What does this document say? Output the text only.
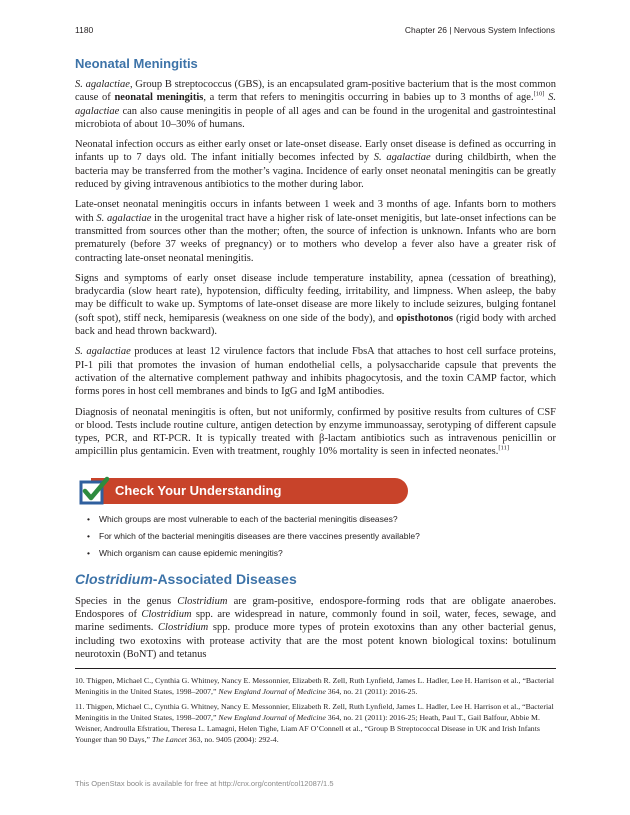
1180	Chapter 26 | Nervous System Infections
Neonatal Meningitis

S. agalactiae, Group B streptococcus (GBS), is an encapsulated gram-positive bacterium that is the most common cause of neonatal meningitis, a term that refers to meningitis occurring in babies up to 3 months of age.[10] S. agalactiae can also cause meningitis in people of all ages and can be found in the urogenital and gastrointestinal microbiota of about 10–30% of humans.

Neonatal infection occurs as either early onset or late-onset disease. Early onset disease is defined as occurring in infants up to 7 days old. The infant initially becomes infected by S. agalactiae during childbirth, when the bacteria may be transferred from the mother’s vagina. Incidence of early onset neonatal meningitis can be greatly reduced by giving intravenous antibiotics to the mother during labor.

Late-onset neonatal meningitis occurs in infants between 1 week and 3 months of age. Infants born to mothers with S. agalactiae in the urogenital tract have a higher risk of late-onset menigitis, but late-onset infections can be transmitted from sources other than the mother; often, the source of infection is unknown. Infants who are born prematurely (before 37 weeks of pregnancy) or to mothers who develop a fever also have a greater risk of contracting late-onset neonatal meningitis.

Signs and symptoms of early onset disease include temperature instability, apnea (cessation of breathing), bradycardia (slow heart rate), hypotension, difficulty feeding, irritability, and limpness. When asleep, the baby may be difficult to wake up. Symptoms of late-onset disease are more likely to include seizures, bulging fontanel (soft spot), stiff neck, hemiparesis (weakness on one side of the body), and opisthotonos (rigid body with arched back and head thrown backward).

S. agalactiae produces at least 12 virulence factors that include FbsA that attaches to host cell surface proteins, PI-1 pili that promotes the invasion of human endothelial cells, a polysaccharide capsule that prevents the activation of the alternative complement pathway and inhibits phagocytosis, and the toxin CAMP factor, which forms pores in host cell membranes and binds to IgG and IgM antibodies.

Diagnosis of neonatal meningitis is often, but not uniformly, confirmed by positive results from cultures of CSF or blood. Tests include routine culture, antigen detection by enzyme immunoassay, serotyping of different capsule types, PCR, and RT-PCR. It is typically treated with β-lactam antibiotics such as intravenous penicillin or ampicillin plus gentamicin. Even with treatment, roughly 10% mortality is seen in infected neonates.[11]

Check Your Understanding
• Which groups are most vulnerable to each of the bacterial meningitis diseases?
• For which of the bacterial meningitis diseases are there vaccines presently available?
• Which organism can cause epidemic meningitis?
Clostridium-Associated Diseases

Species in the genus Clostridium are gram-positive, endospore-forming rods that are obligate anaerobes. Endospores of Clostridium spp. are widespread in nature, commonly found in soil, water, feces, sewage, and marine sediments. Clostridium spp. produce more types of protein exotoxins than any other bacterial genus, including two exotoxins with protease activity that are the most potent known biological toxins: botulinum neurotoxin (BoNT) and tetanus

10. Thigpen, Michael C., Cynthia G. Whitney, Nancy E. Messonnier, Elizabeth R. Zell, Ruth Lynfield, James L. Hadler, Lee H. Harrison et al., “Bacterial Meningitis in the United States, 1998–2007,” New England Journal of Medicine 364, no. 21 (2011): 2016-25.

11. Thigpen, Michael C., Cynthia G. Whitney, Nancy E. Messonnier, Elizabeth R. Zell, Ruth Lynfield, James L. Hadler, Lee H. Harrison et al., “Bacterial Meningitis in the United States, 1998–2007,” New England Journal of Medicine 364, no. 21 (2011): 2016-25; Heath, Paul T., Gail Balfour, Abbie M. Weisner, Androulla Efstratiou, Theresa L. Lamagni, Helen Tighe, Liam AF O’Connell et al., “Group B Streptococcal Disease in UK and Irish Infants Younger than 90 Days,” The Lancet 363, no. 9405 (2004): 292-4.

This OpenStax book is available for free at http://cnx.org/content/col12087/1.5
